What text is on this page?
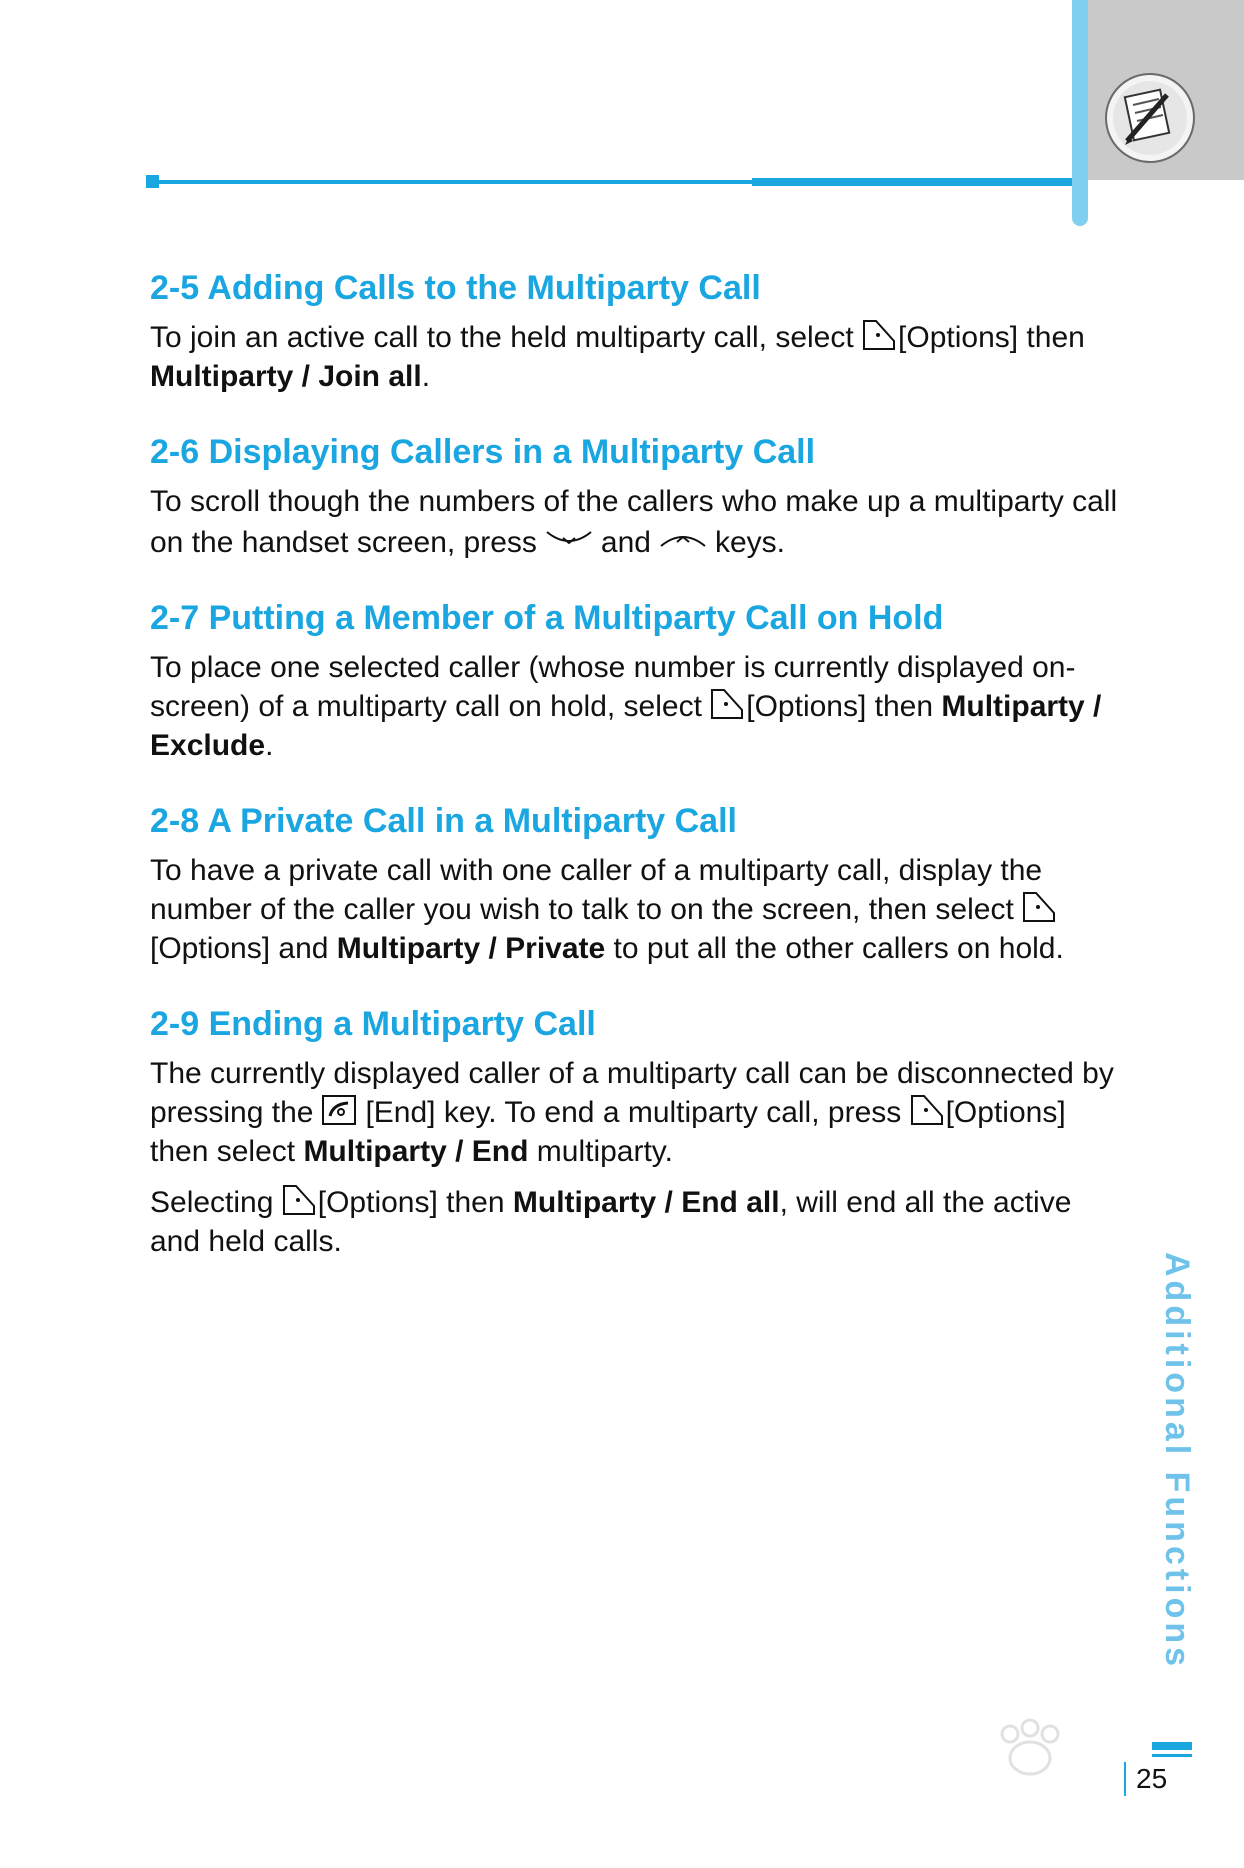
2-5 Adding Calls to the Multiparty Call

To join an active call to the held multiparty call, select [Options] then Multiparty / Join all.

2-6 Displaying Callers in a Multiparty Call

To scroll though the numbers of the callers who make up a multiparty call on the handset screen, press and keys.

2-7 Putting a Member of a Multiparty Call on Hold

To place one selected caller (whose number is currently displayed on-screen) of a multiparty call on hold, select [Options] then Multiparty / Exclude.

2-8 A Private Call in a Multiparty Call

To have a private call with one caller of a multiparty call, display the number of the caller you wish to talk to on the screen, then select [Options] and Multiparty / Private to put all the other callers on hold.

2-9 Ending a Multiparty Call

The currently displayed caller of a multiparty call can be disconnected by pressing the [End] key. To end a multiparty call, press [Options] then select Multiparty / End multiparty.

Selecting [Options] then Multiparty / End all, will end all the active and held calls.

Additional Functions
25
